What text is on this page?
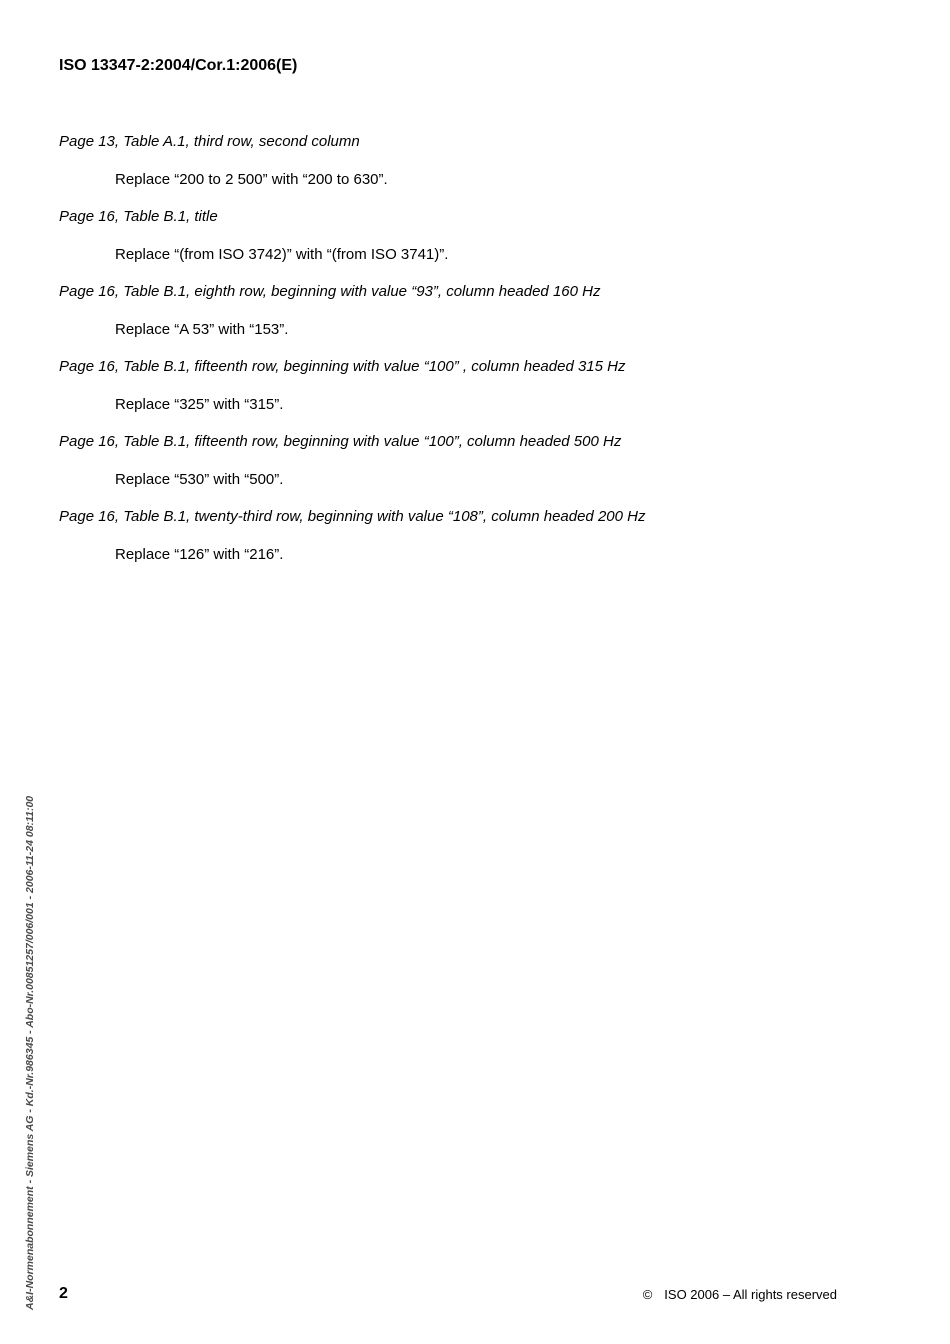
ISO 13347-2:2004/Cor.1:2006(E)

Page 13, Table A.1, third row, second column

Replace “200 to 2 500” with “200 to 630”.

Page 16, Table B.1, title

Replace “(from ISO 3742)” with “(from ISO 3741)”.

Page 16, Table B.1, eighth row, beginning with value “93”, column headed 160 Hz

Replace “A 53” with “153”.

Page 16, Table B.1, fifteenth row, beginning with value “100” , column headed 315 Hz

Replace “325” with “315”.

Page 16, Table B.1, fifteenth row, beginning with value “100”, column headed 500 Hz

Replace “530” with “500”.

Page 16, Table B.1, twenty-third row, beginning with value “108”, column headed 200 Hz

Replace “126” with “216”.

A&I-Normenabonnement - Siemens AG - Kd.-Nr.986345 - Abo-Nr.00851257/006/001 - 2006-11-24 08:11:00 2	© ISO 2006 – All rights reserved
